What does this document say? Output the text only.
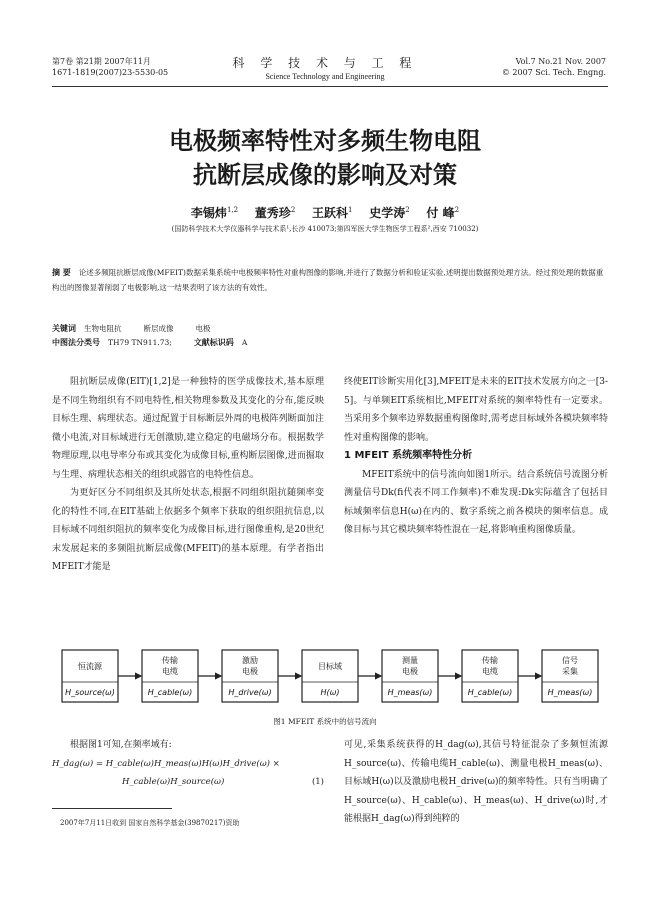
第7卷 第21期 2007年11月
1671-1819(2007)23-5530-05
科 学 技 术 与 工 程
Science Technology and Engineering
Vol.7 No.21 Nov. 2007
© 2007 Sci. Tech. Engng.
电极频率特性对多频生物电阻
抗断层成像的影响及对策
李锡炜$^{1,2}$ 董秀珍$^2$ 王跃科$^1$ 史学涛$^2$ 付 峰$^2$
(国防科学技术大学仪器科学与技术系¹,长沙 410073;第四军医大学生物医学工程系²,西安 710032)
摘 要 论述多频阻抗断层成像(MFEIT)数据采集系统中电极频率特性对重构图像的影响,并进行了数据分析和验证实验,述明提出数据预处理方法。经过预处理的数据重构出的图像显著削弱了电极影响,这一结果表明了该方法的有效性。
关键词 生物电阻抗	断层成像	电极
中图法分类号 TH79 TN911.73;	文献标识码 A

阻抗断层成像(EIT)[1,2]是一种独特的医学成像技术,基本原理是不同生物组织有不同电特性,相关物理参数及其变化的分布,能反映目标生理、病理状态。通过配置于目标断层外周的电极阵列断面加注微小电流,对目标域进行无创激励,建立稳定的电磁场分布。根据数学物理原理,以电导率分布或其变化为成像目标,重构断层图像,进而掘取与生理、病理状态相关的组织或器官的电特性信息。

为更好区分不同组织及其所处状态,根据不同组织阻抗随频率变化的特性不同,在EIT基础上依据多个频率下获取的组织阻抗信息,以目标域不同组织阻抗的频率变化为成像目标,进行图像重构,是20世纪末发展起来的多频阻抗断层成像(MFEIT)的基本原理。有学者指出MFEIT才能是

终使EIT诊断实用化[3],MFEIT是未来的EIT技术发展方向之一[3-5]。与单频EIT系统相比,MFEIT对系统的频率特性有一定要求。当采用多个频率边界数据重构图像时,需考虑目标域外各模块频率特性对重构图像的影响。

1 MFEIT 系统频率特性分析

MFEIT系统中的信号流向如图1所示。结合系统信号流图分析测量信号Dk(fi代表不同工作频率)不难发现:Dk实际蕴含了包括目标域频率信息H(ω)在内的、数字系统之前各模块的频率信息。成像目标与其它模块频率特性混在一起,将影响重构图像质量。

恒流源
H_source(ω)
传输
电缆
H_cable(ω)
激励
电极
H_drive(ω)
目标域
H(ω)
测量
电极
H_meas(ω)
传输
电缆
H_cable(ω)
信号
采集
H_meas(ω)
图1 MFEIT 系统中的信号流向

根据图1可知,在频率域有:

H_dag(ω) = H_cable(ω)H_meas(ω)H(ω)H_drive(ω) ×

H_cable(ω)H_source(ω)	(1)

可见,采集系统获得的H_dag(ω),其信号特征混杂了多频恒流源H_source(ω)、传输电缆H_cable(ω)、测量电极H_meas(ω)、目标域H(ω)以及激励电极H_drive(ω)的频率特性。只有当明确了H_source(ω)、H_cable(ω)、H_meas(ω)、H_drive(ω)时,才能根据H_dag(ω)得到纯粹的

2007年7月11日收到 国家自然科学基金(39870217)资助
